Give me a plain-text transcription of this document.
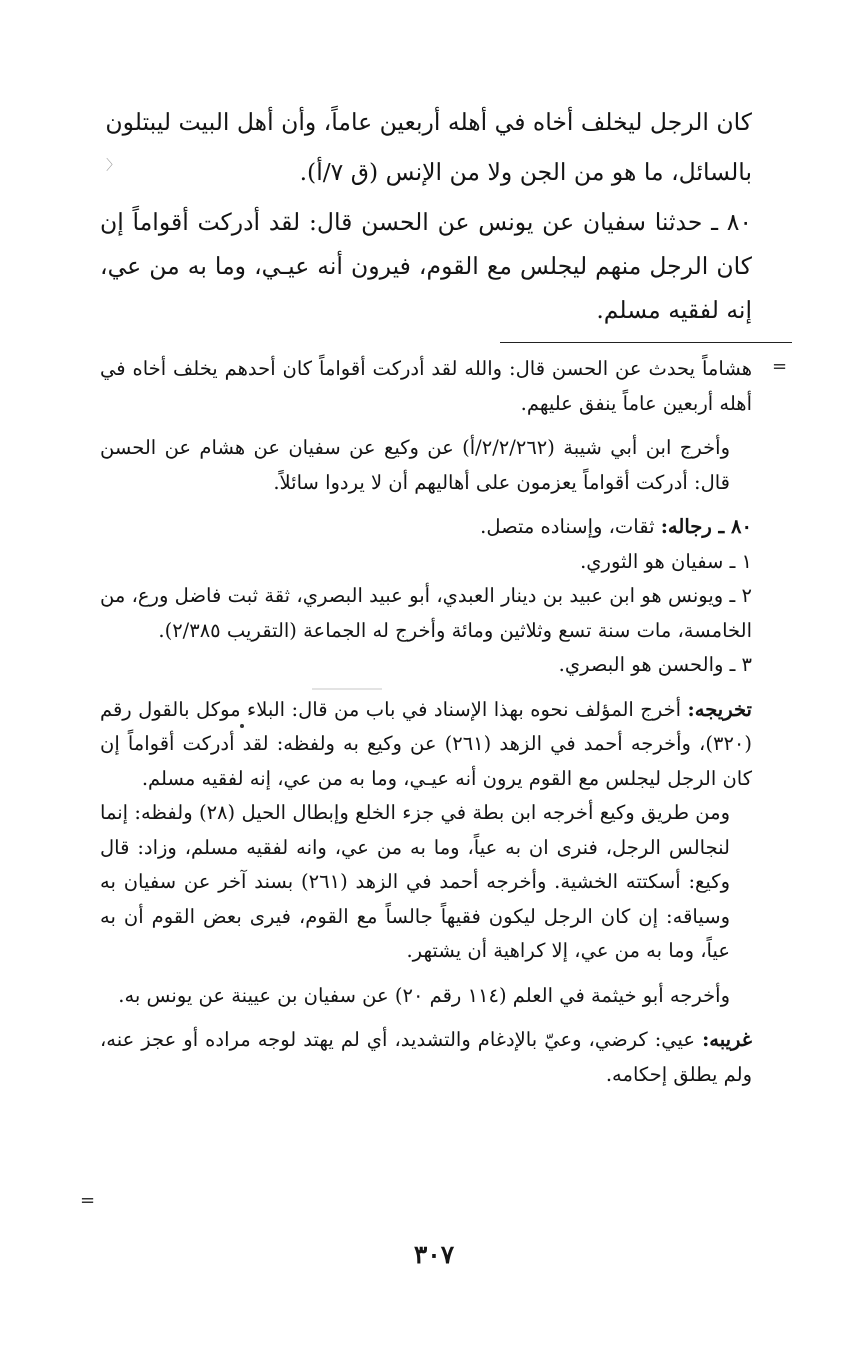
〈

كان الرجل ليخلف أخاه في أهله أربعين عاماً، وأن أهل البيت ليبتلون

بالسائل، ما هو من الجن ولا من الإنس (ق ٧/أ).

٨٠ ـ حدثنا سفيان عن يونس عن الحسن قال: لقد أدركت أقواماً إن كان الرجل منهم ليجلس مع القوم، فيرون أنه عيـي، وما به من عي، إنه لفقيه مسلم.

=

هشاماً يحدث عن الحسن قال: والله لقد أدركت أقواماً كان أحدهم يخلف أخاه في أهله أربعين عاماً ينفق عليهم.

وأخرج ابن أبي شيبة (٢/٢/٢٦٢/أ) عن وكيع عن سفيان عن هشام عن الحسن قال: أدركت أقواماً يعزمون على أهاليهم أن لا يردوا سائلاً.

٨٠ ـ رجاله: ثقات، وإسناده متصل.

١ ـ سفيان هو الثوري.

٢ ـ ويونس هو ابن عبيد بن دينار العبدي، أبو عبيد البصري، ثقة ثبت فاضل ورع، من الخامسة، مات سنة تسع وثلاثين ومائة وأخرج له الجماعة (التقريب ٢/٣٨٥).

٣ ـ والحسن هو البصري.

تخريجه: أخرج المؤلف نحوه بهذا الإسناد في باب من قال: البلاء موكل بالقول رقم (٣٢٠)، وأخرجه أحمد في الزهد (٢٦١) عن وكيع به ولفظه: لقد أدركت أقواماً إن كان الرجل ليجلس مع القوم يرون أنه عيـي، وما به من عي، إنه لفقيه مسلم.

ومن طريق وكيع أخرجه ابن بطة في جزء الخلع وإبطال الحيل (٢٨) ولفظه: إنما لنجالس الرجل، فنرى ان به عياً، وما به من عي، وانه لفقيه مسلم، وزاد: قال وكيع: أسكتته الخشية. وأخرجه أحمد في الزهد (٢٦١) بسند آخر عن سفيان به وسياقه: إن كان الرجل ليكون فقيهاً جالساً مع القوم، فيرى بعض القوم أن به عياً، وما به من عي، إلا كراهية أن يشتهر.

وأخرجه أبو خيثمة في العلم (١١٤ رقم ٢٠) عن سفيان بن عيينة عن يونس به.

غريبه: عيي: كرضي، وعيّ بالإدغام والتشديد، أي لم يهتد لوجه مراده أو عجز عنه، ولم يطلق إحكامه.

=
٣٠٧
